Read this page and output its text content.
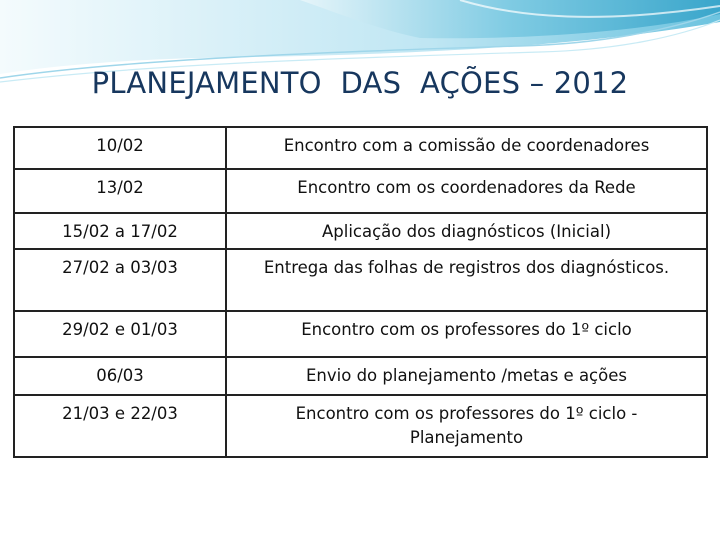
PLANEJAMENTO  DAS  AÇÕES – 2012
10/02	Encontro com a comissão de coordenadores

13/02	Encontro com os coordenadores da Rede

15/02 a 17/02	Aplicação dos diagnósticos (Inicial)

27/02 a 03/03	Entrega das folhas de registros dos diagnósticos.

29/02 e 01/03	Encontro com os professores do 1º ciclo

06/03	Envio do planejamento /metas e ações

21/03 e 22/03	Encontro com os professores do 1º ciclo - Planejamento
